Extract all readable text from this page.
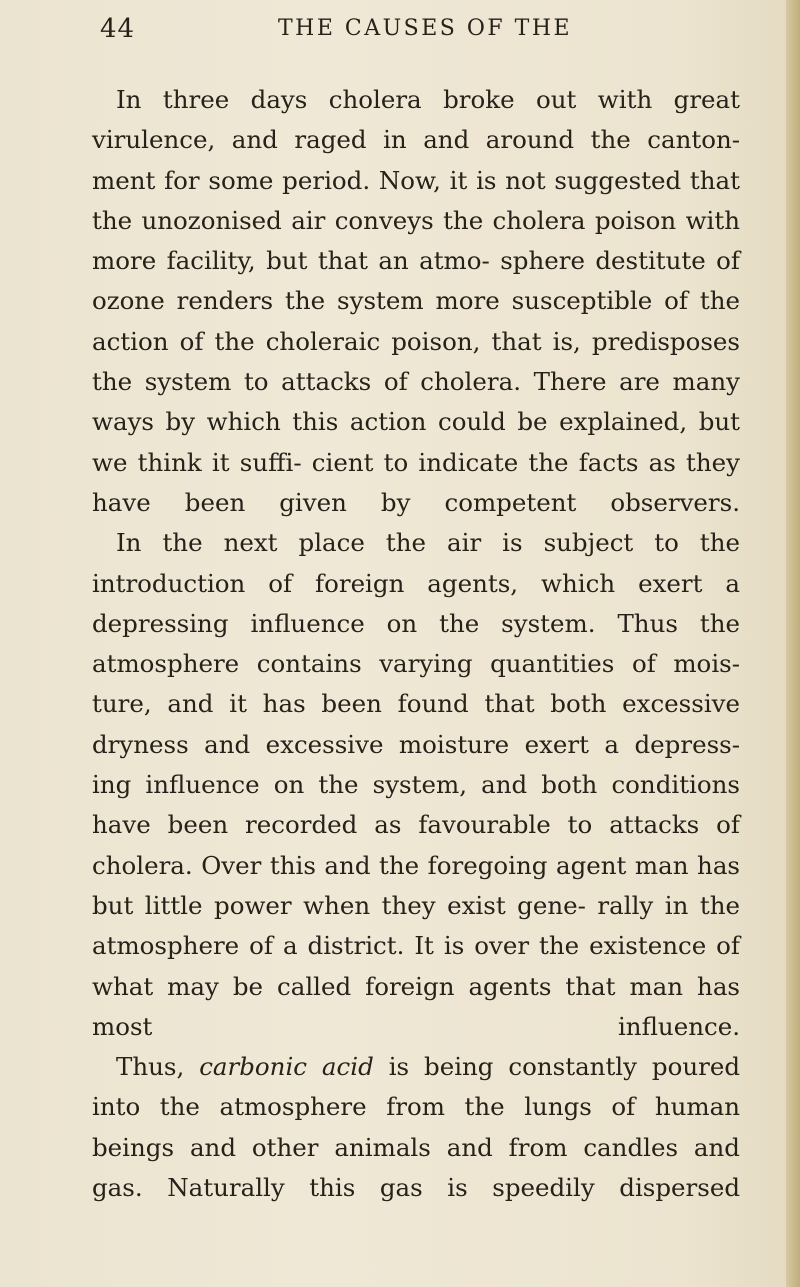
44	THE CAUSES OF THE

In three days cholera broke out with great virulence, and raged in and around the canton- ment for some period. Now, it is not suggested that the unozonised air conveys the cholera poison with more facility, but that an atmo- sphere destitute of ozone renders the system more susceptible of the action of the choleraic poison, that is, predisposes the system to attacks of cholera. There are many ways by which this action could be explained, but we think it suffi- cient to indicate the facts as they have been given by competent observers.

In the next place the air is subject to the introduction of foreign agents, which exert a depressing influence on the system. Thus the atmosphere contains varying quantities of mois- ture, and it has been found that both excessive dryness and excessive moisture exert a depress- ing influence on the system, and both conditions have been recorded as favourable to attacks of cholera. Over this and the foregoing agent man has but little power when they exist gene- rally in the atmosphere of a district. It is over the existence of what may be called foreign agents that man has most influence.

Thus, carbonic acid is being constantly poured into the atmosphere from the lungs of human beings and other animals and from candles and gas. Naturally this gas is speedily dispersed
